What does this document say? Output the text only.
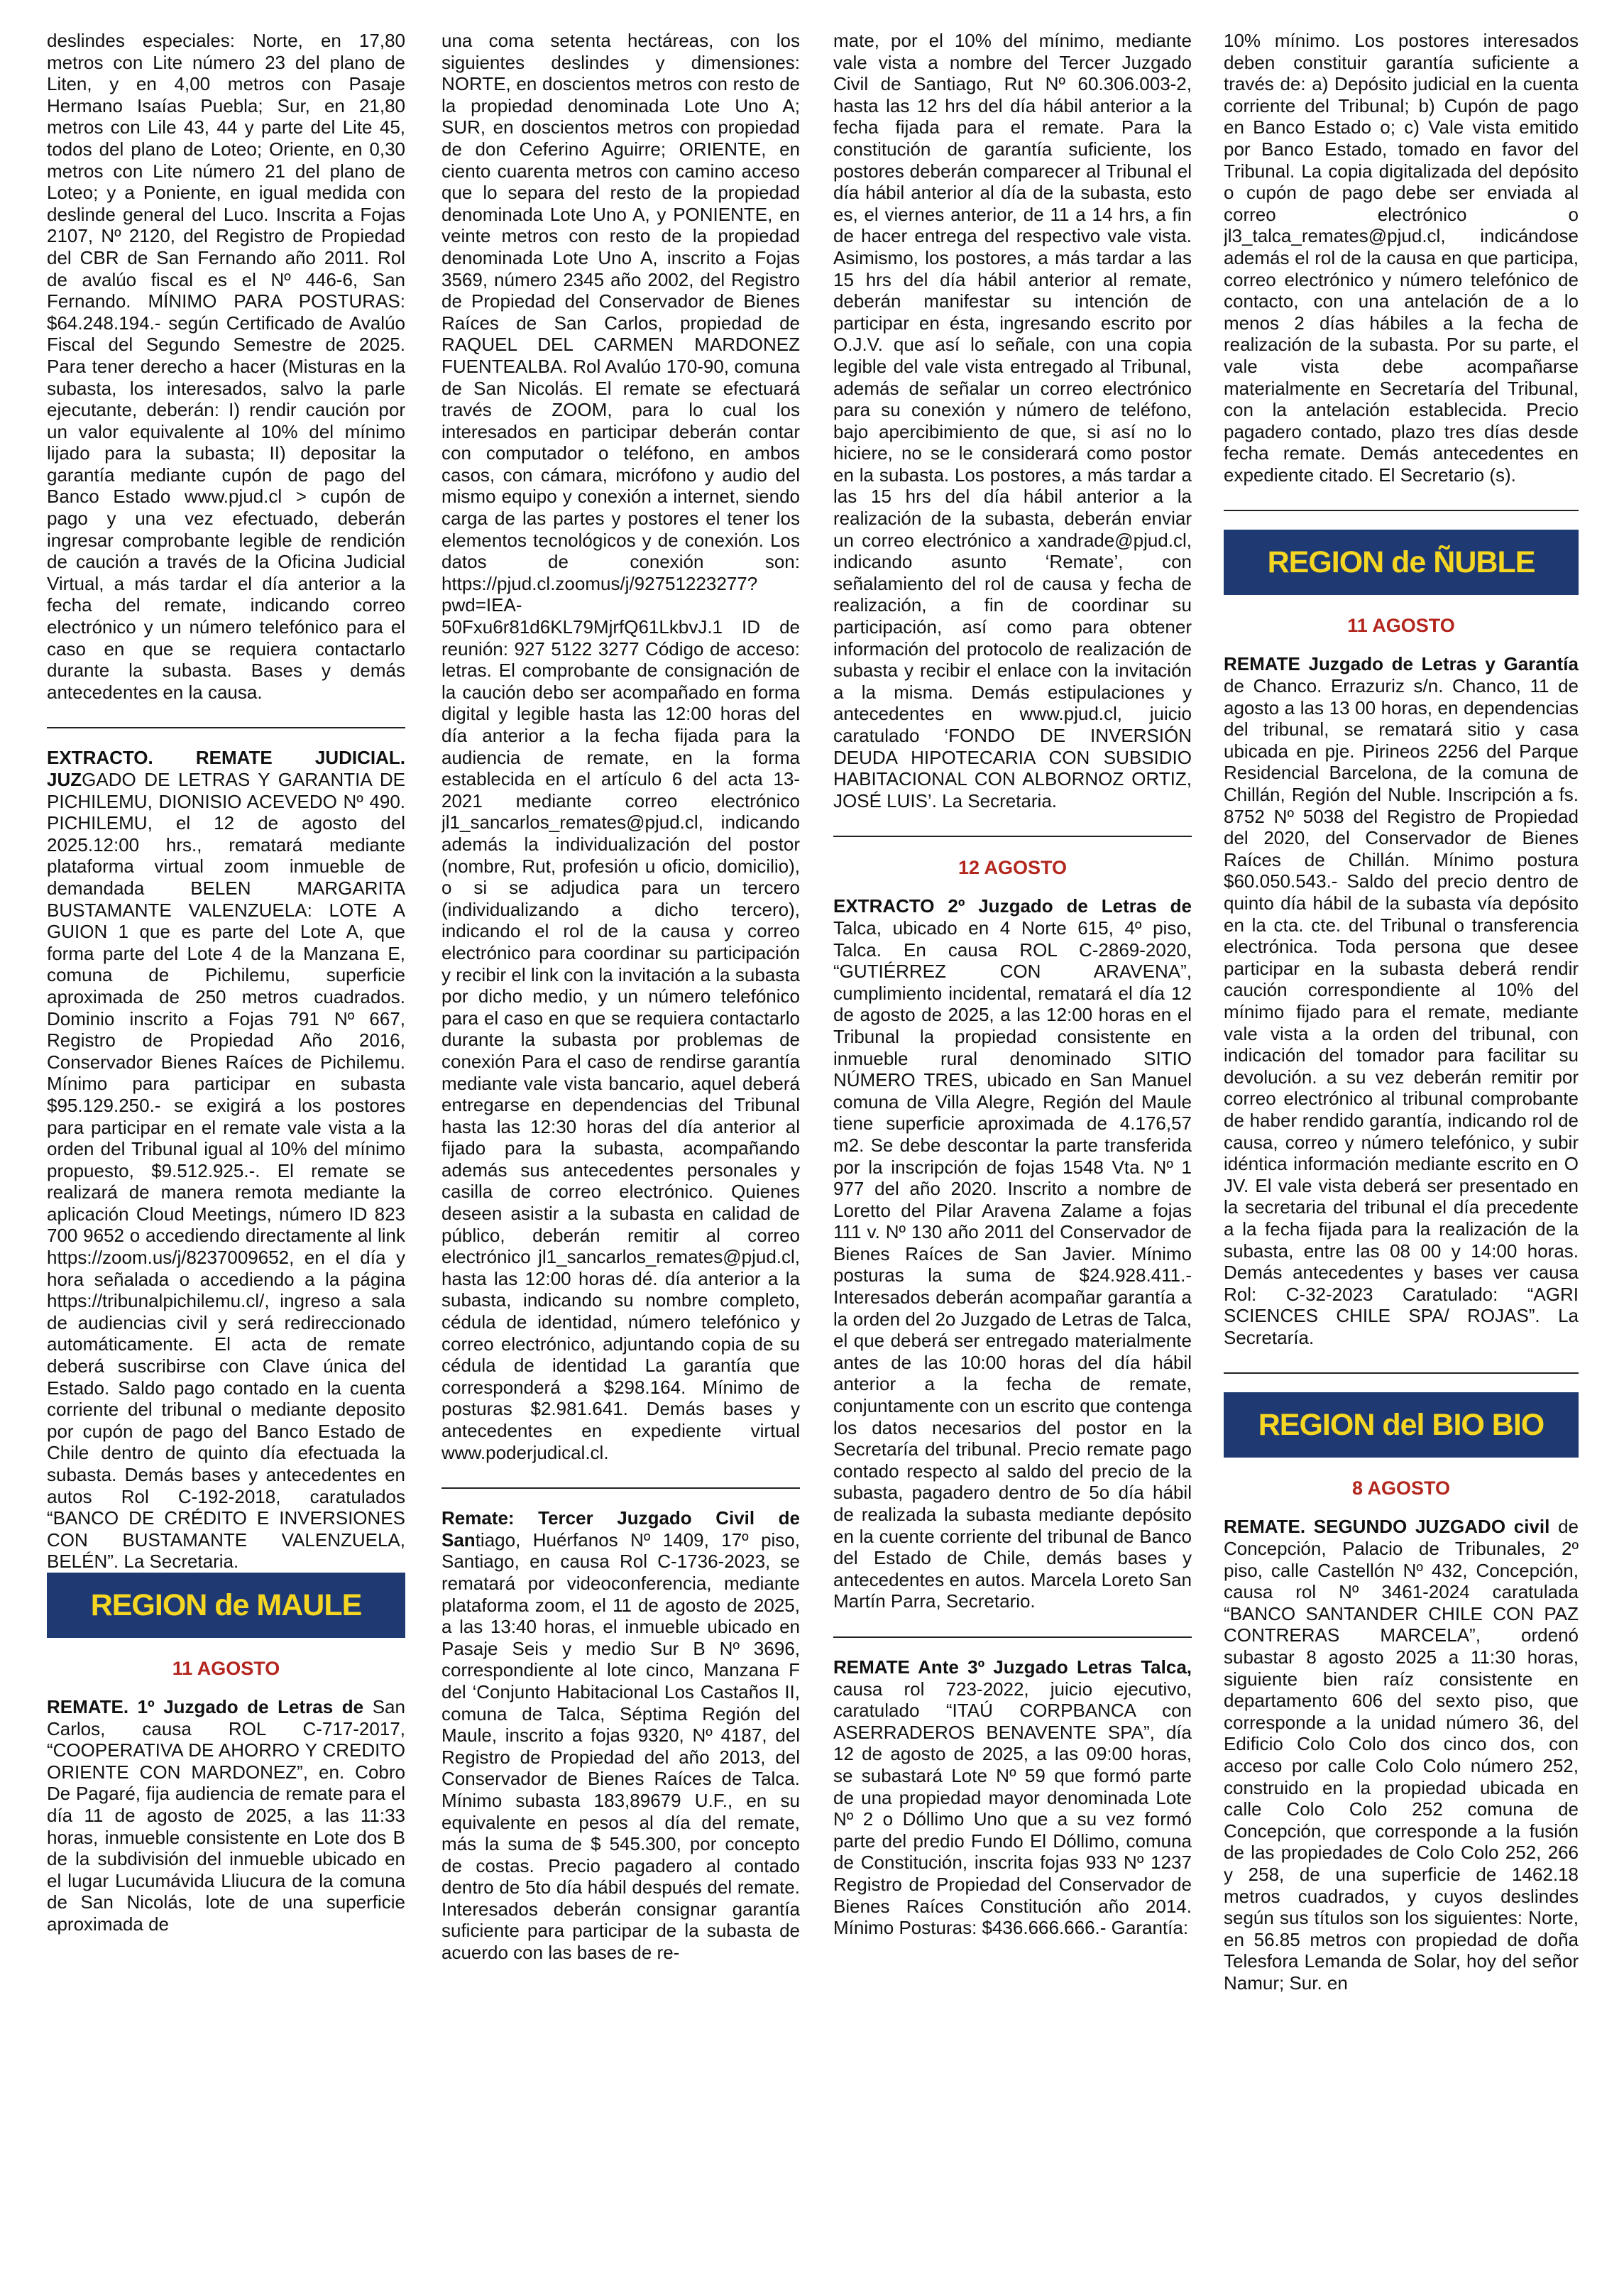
deslindes especiales: Norte, en 17,80 metros con Lite número 23 del plano de Liten, y en 4,00 metros con Pasaje Hermano Isaías Puebla; Sur, en 21,80 metros con Lile 43, 44 y parte del Lite 45, todos del plano de Loteo; Oriente, en 0,30 metros con Lite número 21 del plano de Loteo; y a Poniente, en igual medida con deslinde general del Luco. Inscrita a Fojas 2107, Nº 2120, del Registro de Propiedad del CBR de San Fernando año 2011. Rol de avalúo fiscal es el Nº 446-6, San Fernando. MÍNIMO PARA POSTURAS: $64.248.194.- según Certificado de Avalúo Fiscal del Segundo Semestre de 2025. Para tener derecho a hacer (Misturas en la subasta, los interesados, salvo la parle ejecutante, deberán: I) rendir caución por un valor equivalente al 10% del mínimo lijado para la subasta; II) depositar la garantía mediante cupón de pago del Banco Estado www.pjud.cl > cupón de pago y una vez efectuado, deberán ingresar comprobante legible de rendición de caución a través de la Oficina Judicial Virtual, a más tardar el día anterior a la fecha del remate, indicando correo electrónico y un número telefónico para el caso en que se requiera contactarlo durante la subasta. Bases y demás antecedentes en la causa.

EXTRACTO. REMATE JUDICIAL. JUZGADO DE LETRAS Y GARANTIA DE PICHILEMU, DIONISIO ACEVEDO Nº 490. PICHILEMU, el 12 de agosto del 2025.12:00 hrs., rematará mediante plataforma virtual zoom inmueble de demandada BELEN MARGARITA BUSTAMANTE VALENZUELA: LOTE A GUION 1 que es parte del Lote A, que forma parte del Lote 4 de la Manzana E, comuna de Pichilemu, superficie aproximada de 250 metros cuadrados. Dominio inscrito a Fojas 791 Nº 667, Registro de Propiedad Año 2016, Conservador Bienes Raíces de Pichilemu. Mínimo para participar en subasta $95.129.250.- se exigirá a los postores para participar en el remate vale vista a la orden del Tribunal igual al 10% del mínimo propuesto, $9.512.925.-. El remate se realizará de manera remota mediante la aplicación Cloud Meetings, número ID 823 700 9652 o accediendo directamente al link https://zoom.us/j/8237009652, en el día y hora señalada o accediendo a la página https://tribunalpichilemu.cl/, ingreso a sala de audiencias civil y será redireccionado automáticamente. El acta de remate deberá suscribirse con Clave única del Estado. Saldo pago contado en la cuenta corriente del tribunal o mediante deposito por cupón de pago del Banco Estado de Chile dentro de quinto día efectuada la subasta. Demás bases y antecedentes en autos Rol C-192-2018, caratulados “BANCO DE CRÉDITO E INVERSIONES CON BUSTAMANTE VALENZUELA, BELÉN”. La Secretaria.

REGION de MAULE
11 AGOSTO

REMATE. 1º Juzgado de Letras de San Carlos, causa ROL C-717-2017, “COOPERATIVA DE AHORRO Y CREDITO ORIENTE CON MARDONEZ”, en. Cobro De Pagaré, fija audiencia de remate para el día 11 de agosto de 2025, a las 11:33 horas, inmueble consistente en Lote dos B de la subdivisión del inmueble ubicado en el lugar Lucumávida Lliucura de la comuna de San Nicolás, lote de una superficie aproximada de

una coma setenta hectáreas, con los siguientes deslindes y dimensiones: NORTE, en doscientos metros con resto de la propiedad denominada Lote Uno A; SUR, en doscientos metros con propiedad de don Ceferino Aguirre; ORIENTE, en ciento cuarenta metros con camino acceso que lo separa del resto de la propiedad denominada Lote Uno A, y PONIENTE, en veinte metros con resto de la propiedad denominada Lote Uno A, inscrito a Fojas 3569, número 2345 año 2002, del Registro de Propiedad del Conservador de Bienes Raíces de San Carlos, propiedad de RAQUEL DEL CARMEN MARDONEZ FUENTEALBA. Rol Avalúo 170-90, comuna de San Nicolás. El remate se efectuará través de ZOOM, para lo cual los interesados en participar deberán contar con computador o teléfono, en ambos casos, con cámara, micrófono y audio del mismo equipo y conexión a internet, siendo carga de las partes y postores el tener los elementos tecnológicos y de conexión. Los datos de conexión son: https://pjud.cl.zoomus/j/92751223277?pwd=IEA-50Fxu6r81d6KL79MjrfQ61LkbvJ.1 ID de reunión: 927 5122 3277 Código de acceso: letras. El comprobante de consignación de la caución debo ser acompañado en forma digital y legible hasta las 12:00 horas del día anterior a la fecha fijada para la audiencia de remate, en la forma establecida en el artículo 6 del acta 13-2021 mediante correo electrónico jl1_sancarlos_remates@pjud.cl, indicando además la individualización del postor (nombre, Rut, profesión u oficio, domicilio), o si se adjudica para un tercero (individualizando a dicho tercero), indicando el rol de la causa y correo electrónico para coordinar su participación y recibir el link con la invitación a la subasta por dicho medio, y un número telefónico para el caso en que se requiera contactarlo durante la subasta por problemas de conexión Para el caso de rendirse garantía mediante vale vista bancario, aquel deberá entregarse en dependencias del Tribunal hasta las 12:30 horas del día anterior al fijado para la subasta, acompañando además sus antecedentes personales y casilla de correo electrónico. Quienes deseen asistir a la subasta en calidad de público, deberán remitir al correo electrónico jl1_sancarlos_remates@pjud.cl, hasta las 12:00 horas dé. día anterior a la subasta, indicando su nombre completo, cédula de identidad, número telefónico y correo electrónico, adjuntando copia de su cédula de identidad La garantía que corresponderá a $298.164. Mínimo de posturas $2.981.641. Demás bases y antecedentes en expediente virtual www.poderjudical.cl.

Remate: Tercer Juzgado Civil de Santiago, Huérfanos Nº 1409, 17º piso, Santiago, en causa Rol C-1736-2023, se rematará por videoconferencia, mediante plataforma zoom, el 11 de agosto de 2025, a las 13:40 horas, el inmueble ubicado en Pasaje Seis y medio Sur B Nº 3696, correspondiente al lote cinco, Manzana F del ‘Conjunto Habitacional Los Castaños II, comuna de Talca, Séptima Región del Maule, inscrito a fojas 9320, Nº 4187, del Registro de Propiedad del año 2013, del Conservador de Bienes Raíces de Talca. Mínimo subasta 183,89679 U.F., en su equivalente en pesos al día del remate, más la suma de $ 545.300, por concepto de costas. Precio pagadero al contado dentro de 5to día hábil después del remate. Interesados deberán consignar garantía suficiente para participar de la subasta de acuerdo con las bases de re-

mate, por el 10% del mínimo, mediante vale vista a nombre del Tercer Juzgado Civil de Santiago, Rut Nº 60.306.003-2, hasta las 12 hrs del día hábil anterior a la fecha fijada para el remate. Para la constitución de garantía suficiente, los postores deberán comparecer al Tribunal el día hábil anterior al día de la subasta, esto es, el viernes anterior, de 11 a 14 hrs, a fin de hacer entrega del respectivo vale vista. Asimismo, los postores, a más tardar a las 15 hrs del día hábil anterior al remate, deberán manifestar su intención de participar en ésta, ingresando escrito por O.J.V. que así lo señale, con una copia legible del vale vista entregado al Tribunal, además de señalar un correo electrónico para su conexión y número de teléfono, bajo apercibimiento de que, si así no lo hiciere, no se le considerará como postor en la subasta. Los postores, a más tardar a las 15 hrs del día hábil anterior a la realización de la subasta, deberán enviar un correo electrónico a xandrade@pjud.cl, indicando asunto ‘Remate’, con señalamiento del rol de causa y fecha de realización, a fin de coordinar su participación, así como para obtener información del protocolo de realización de subasta y recibir el enlace con la invitación a la misma. Demás estipulaciones y antecedentes en www.pjud.cl, juicio caratulado ‘FONDO DE INVERSIÓN DEUDA HIPOTECARIA CON SUBSIDIO HABITACIONAL CON ALBORNOZ ORTIZ, JOSÉ LUIS’. La Secretaria.

12 AGOSTO

EXTRACTO 2º Juzgado de Letras de Talca, ubicado en 4 Norte 615, 4º piso, Talca. En causa ROL C-2869-2020, “GUTIÉRREZ CON ARAVENA”, cumplimiento incidental, rematará el día 12 de agosto de 2025, a las 12:00 horas en el Tribunal la propiedad consistente en inmueble rural denominado SITIO NÚMERO TRES, ubicado en San Manuel comuna de Villa Alegre, Región del Maule tiene superficie aproximada de 4.176,57 m2. Se debe descontar la parte transferida por la inscripción de fojas 1548 Vta. Nº 1 977 del año 2020. Inscrito a nombre de Loretto del Pilar Aravena Zalame a fojas 111 v. Nº 130 año 2011 del Conservador de Bienes Raíces de San Javier. Mínimo posturas la suma de $24.928.411.- Interesados deberán acompañar garantía a la orden del 2o Juzgado de Letras de Talca, el que deberá ser entregado materialmente antes de las 10:00 horas del día hábil anterior a la fecha de remate, conjuntamente con un escrito que contenga los datos necesarios del postor en la Secretaría del tribunal. Precio remate pago contado respecto al saldo del precio de la subasta, pagadero dentro de 5o día hábil de realizada la subasta mediante depósito en la cuente corriente del tribunal de Banco del Estado de Chile, demás bases y antecedentes en autos. Marcela Loreto San Martín Parra, Secretario.

REMATE Ante 3º Juzgado Letras Talca, causa rol 723-2022, juicio ejecutivo, caratulado “ITAÚ CORPBANCA con ASERRADEROS BENAVENTE SPA”, día 12 de agosto de 2025, a las 09:00 horas, se subastará Lote Nº 59 que formó parte de una propiedad mayor denominada Lote Nº 2 o Dóllimo Uno que a su vez formó parte del predio Fundo El Dóllimo, comuna de Constitución, inscrita fojas 933 Nº 1237 Registro de Propiedad del Conservador de Bienes Raíces Constitución año 2014. Mínimo Posturas: $436.666.666.- Garantía:

10% mínimo. Los postores interesados deben constituir garantía suficiente a través de: a) Depósito judicial en la cuenta corriente del Tribunal; b) Cupón de pago en Banco Estado o; c) Vale vista emitido por Banco Estado, tomado en favor del Tribunal. La copia digitalizada del depósito o cupón de pago debe ser enviada al correo electrónico o jl3_talca_remates@pjud.cl, indicándose además el rol de la causa en que participa, correo electrónico y número telefónico de contacto, con una antelación de a lo menos 2 días hábiles a la fecha de realización de la subasta. Por su parte, el vale vista debe acompañarse materialmente en Secretaría del Tribunal, con la antelación establecida. Precio pagadero contado, plazo tres días desde fecha remate. Demás antecedentes en expediente citado. El Secretario (s).

REGION de ÑUBLE
11 AGOSTO

REMATE Juzgado de Letras y Garantía de Chanco. Errazuriz s/n. Chanco, 11 de agosto a las 13 00 horas, en dependencias del tribunal, se rematará sitio y casa ubicada en pje. Pirineos 2256 del Parque Residencial Barcelona, de la comuna de Chillán, Región del Nuble. Inscripción a fs. 8752 Nº 5038 del Registro de Propiedad del 2020, del Conservador de Bienes Raíces de Chillán. Mínimo postura $60.050.543.- Saldo del precio dentro de quinto día hábil de la subasta vía depósito en la cta. cte. del Tribunal o transferencia electrónica. Toda persona que desee participar en la subasta deberá rendir caución correspondiente al 10% del mínimo fijado para el remate, mediante vale vista a la orden del tribunal, con indicación del tomador para facilitar su devolución. a su vez deberán remitir por correo electrónico al tribunal comprobante de haber rendido garantía, indicando rol de causa, correo y número telefónico, y subir idéntica información mediante escrito en O JV. El vale vista deberá ser presentado en la secretaria del tribunal el día precedente a la fecha fijada para la realización de la subasta, entre las 08 00 y 14:00 horas. Demás antecedentes y bases ver causa Rol: C-32-2023 Caratulado: “AGRI SCIENCES CHILE SPA/ ROJAS”. La Secretaría.

REGION del BIO BIO
8 AGOSTO

REMATE. SEGUNDO JUZGADO civil de Concepción, Palacio de Tribunales, 2º piso, calle Castellón Nº 432, Concepción, causa rol Nº 3461-2024 caratulada “BANCO SANTANDER CHILE CON PAZ CONTRERAS MARCELA”, ordenó subastar 8 agosto 2025 a 11:30 horas, siguiente bien raíz consistente en departamento 606 del sexto piso, que corresponde a la unidad número 36, del Edificio Colo Colo dos cinco dos, con acceso por calle Colo Colo número 252, construido en la propiedad ubicada en calle Colo Colo 252 comuna de Concepción, que corresponde a la fusión de las propiedades de Colo Colo 252, 266 y 258, de una superficie de 1462.18 metros cuadrados, y cuyos deslindes según sus títulos son los siguientes: Norte, en 56.85 metros con propiedad de doña Telesfora Lemanda de Solar, hoy del señor Namur; Sur. en
